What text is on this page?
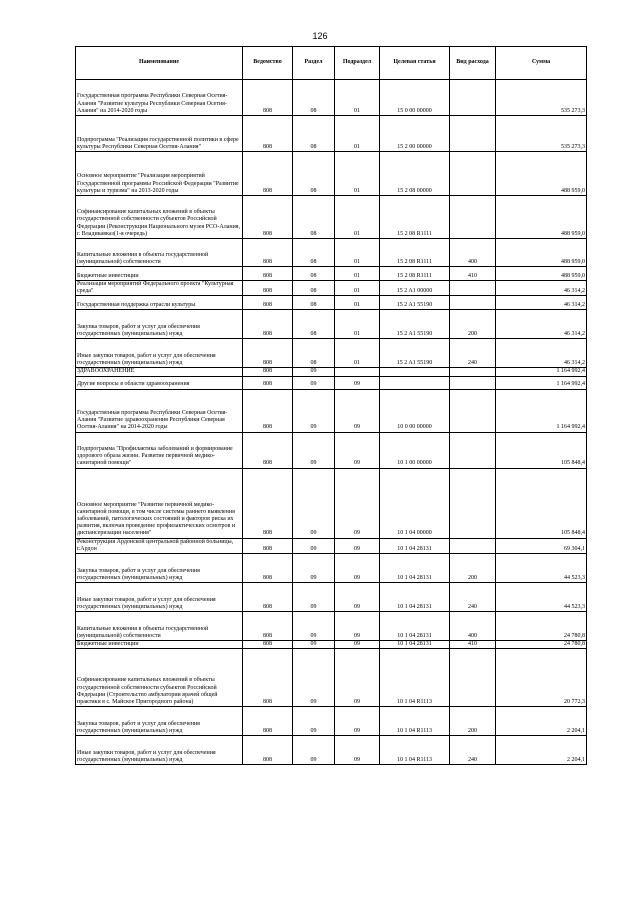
126
Наименование	Ведомство	Раздел	Подраздел	Целевая статья	Вид расхода	Сумма
Государственная программа Республики Северная Осетия-Алания "Развитие культуры Республики Северная Осетия-Алания" на 2014-2020 годы	808	08	01	15 0 00 00000		535 273,3
Подпрограмма "Реализация государственной политики в сфере культуры Республики Северная Осетия-Алания"	808	08	01	15 2 00 00000		535 273,3
Основное мероприятие "Реализация мероприятий Государственной программы Российской Федерации "Развитие культуры и туризма" на 2013-2020 годы	808	08	01	15 2 08 00000		488 959,0
Софинансирование капитальных вложений в объекты государственной собственности субъектов Российской Федерации (Реконструкция Национального музея РСО-Алания, г. Владикавказ(1-я очередь)	808	08	01	15 2 08 R1111		488 959,0
Капитальные вложения в объекты государственной (муниципальной) собственности	808	08	01	15 2 08 R1111	400	488 959,0
Бюджетные инвестиции	808	08	01	15 2 08 R1111	410	488 959,0
Реализация мероприятий Федерального проекта "Культурная среда"	808	08	01	15 2 A1 00000		46 314,2
Государственная поддержка отрасли культуры	808	08	01	15 2 A1 55190		46 314,2
Закупка товаров, работ и услуг для обеспечения государственных (муниципальных) нужд	808	08	01	15 2 A1 55190	200	46 314,2
Иные закупки товаров, работ и услуг для обеспечения государственных (муниципальных) нужд	808	08	01	15 2 A1 55190	240	46 314,2
ЗДРАВООХРАНЕНИЕ	808	09				1 164 992,4
Другие вопросы в области здравоохранения	808	09	09			1 164 992,4
Государственная программа Республики Северная Осетия-Алания "Развитие здравоохранения Республики Северная Осетия-Алания" на 2014-2020 годы	808	09	09	10 0 00 00000		1 164 992,4
Подпрограмма "Профилактика заболеваний и формирование здорового образа жизни. Развитие первичной медико-санитарной помощи"	808	09	09	10 1 00 00000		105 848,4
Основное мероприятие "Развитие первичной медико-санитарной помощи, в том числе системы раннего выявления заболеваний, патологических состояний и факторов риска их развития, включая проведение профилактических осмотров и диспансеризации населения"	808	09	09	10 1 04 00000		105 848,4
Реконструкция Ардонской центральной районной больницы, г.Ардон	808	09	09	10 1 04 28131		69 304,1
Закупка товаров, работ и услуг для обеспечения государственных (муниципальных) нужд	808	09	09	10 1 04 28131	200	44 523,3
Иные закупки товаров, работ и услуг для обеспечения государственных (муниципальных) нужд	808	09	09	10 1 04 28131	240	44 523,3
Капитальные вложения в объекты государственной (муниципальной) собственности	808	09	09	10 1 04 28131	400	24 780,8
Бюджетные инвестиции	808	09	09	10 1 04 28131	410	24 780,8
Софинансирование капитальных вложений в объекты государственной собственности субъектов Российской Федерации (Строительство амбулатории врачей общей практики в с. Майское Пригородного района)	808	09	09	10 1 04 R1113		20 772,3
Закупка товаров, работ и услуг для обеспечения государственных (муниципальных) нужд	808	09	09	10 1 04 R1113	200	2 204,1
Иные закупки товаров, работ и услуг для обеспечения государственных (муниципальных) нужд	808	09	09	10 1 04 R1113	240	2 204,1
